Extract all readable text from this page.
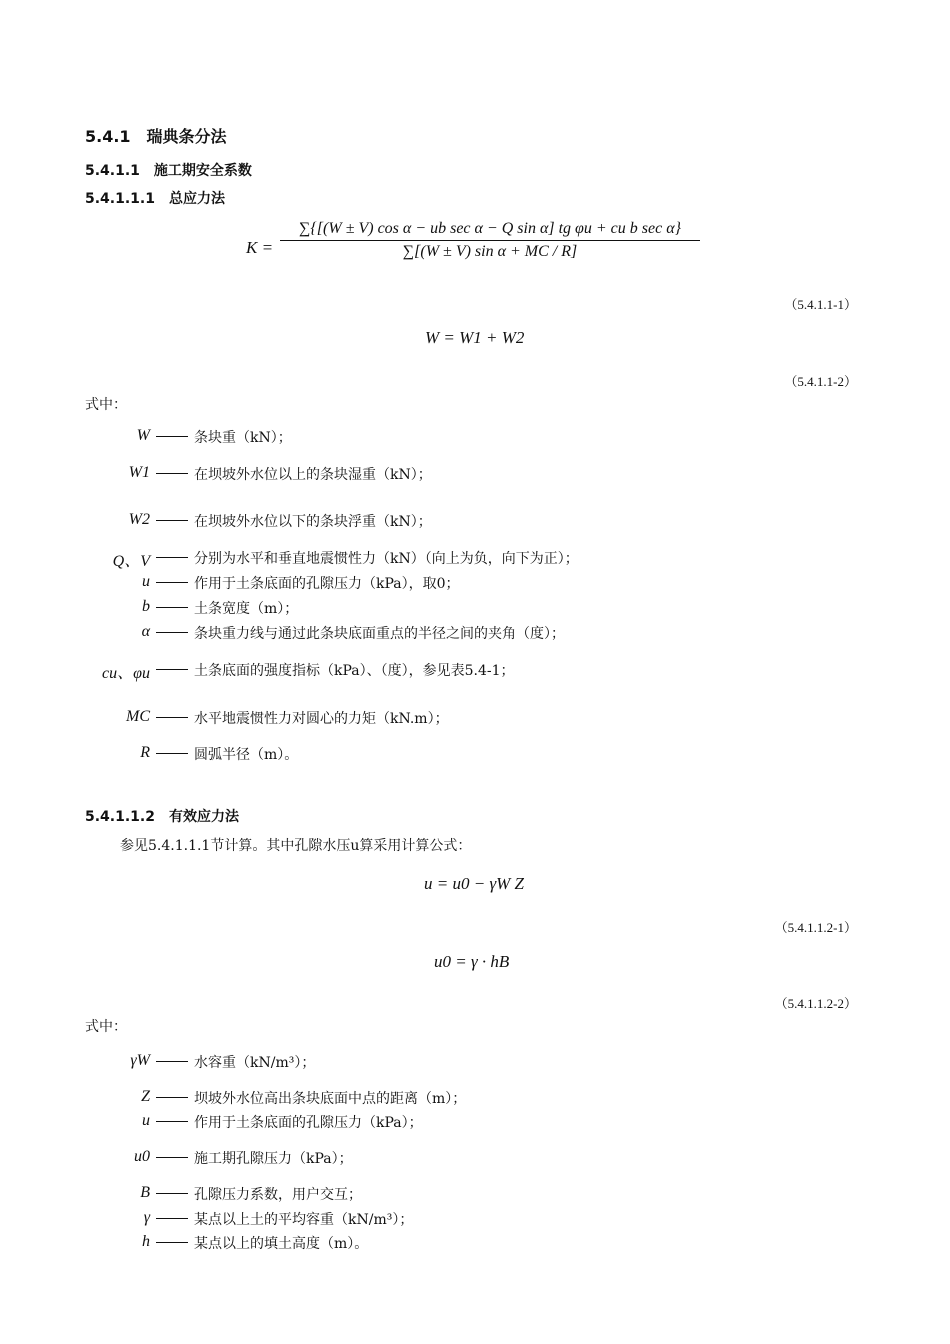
5.4.1　瑞典条分法
5.4.1.1　施工期安全系数
5.4.1.1.1　总应力法
K =
∑{[(W ± V) cos α − ub sec α − Q sin α] tg φu + cu b sec α}
∑[(W ± V) sin α + MC / R]
（5.4.1.1-1）
W = W1 + W2
（5.4.1.1-2）
式中：
W	条块重（kN）；
W1	在坝坡外水位以上的条块湿重（kN）；
W2	在坝坡外水位以下的条块浮重（kN）；
Q、V	分别为水平和垂直地震惯性力（kN）（向上为负，向下为正）；
u	作用于土条底面的孔隙压力（kPa），取0；
b	土条宽度（m）；
α	条块重力线与通过此条块底面重点的半径之间的夹角（度）；
cu、φu	土条底面的强度指标（kPa）、（度），参见表5.4-1；
MC	水平地震惯性力对圆心的力矩（kN.m）；
R	圆弧半径（m）。
5.4.1.1.2　有效应力法
参见5.4.1.1.1节计算。其中孔隙水压u算采用计算公式：
u = u0 − γW Z
（5.4.1.1.2-1）
u0 = γ · hB
（5.4.1.1.2-2）
式中：
γW	水容重（kN/m³）；
Z	坝坡外水位高出条块底面中点的距离（m）；
u	作用于土条底面的孔隙压力（kPa）；
u0	施工期孔隙压力（kPa）；
B	孔隙压力系数，用户交互；
γ	某点以上土的平均容重（kN/m³）；
h	某点以上的填土高度（m）。
